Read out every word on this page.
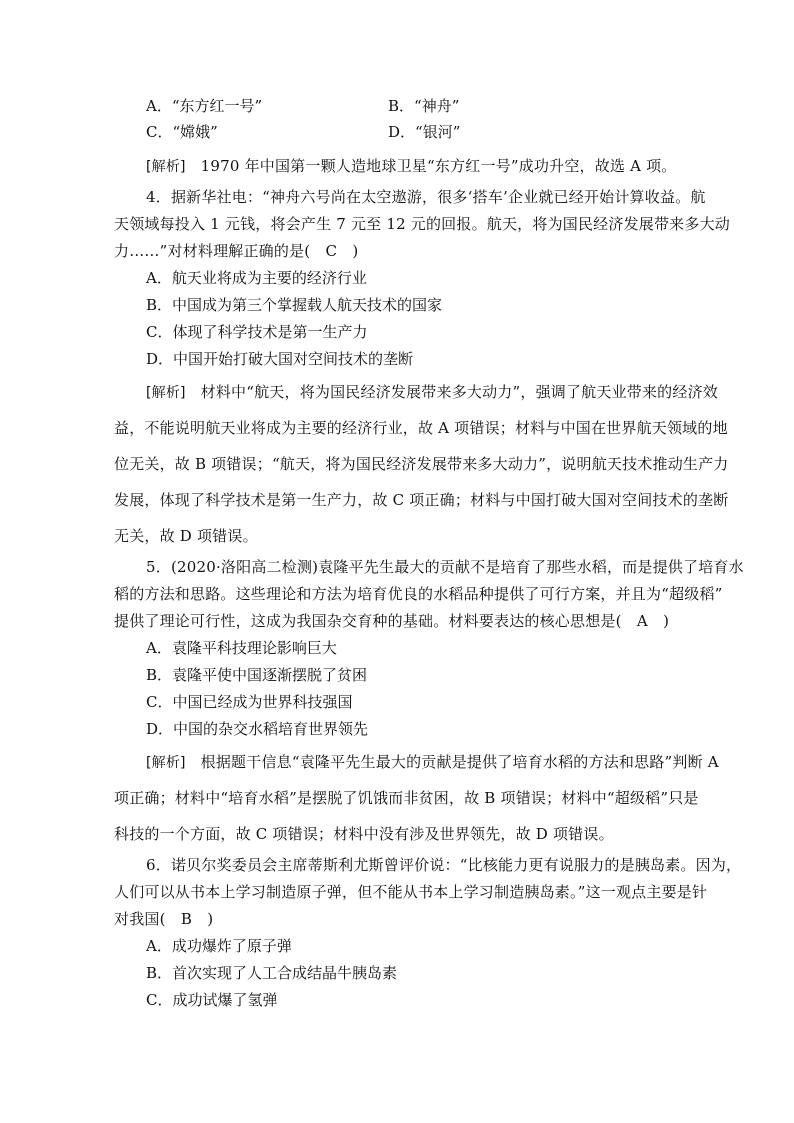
A．“东方红一号”	B．“神舟”
C．“嫦娥”	D．“银河”
[解析] 1970 年中国第一颗人造地球卫星“东方红一号”成功升空，故选 A 项。
4．据新华社电：“神舟六号尚在太空遨游，很多‘搭车’企业就已经开始计算收益。航
天领域每投入 1 元钱，将会产生 7 元至 12 元的回报。航天，将为国民经济发展带来多大动
力……”对材料理解正确的是(　C　)
A．航天业将成为主要的经济行业
B．中国成为第三个掌握载人航天技术的国家
C．体现了科学技术是第一生产力
D．中国开始打破大国对空间技术的垄断
[解析] 材料中“航天，将为国民经济发展带来多大动力”，强调了航天业带来的经济效
益，不能说明航天业将成为主要的经济行业，故 A 项错误；材料与中国在世界航天领域的地
位无关，故 B 项错误；“航天，将为国民经济发展带来多大动力”，说明航天技术推动生产力
发展，体现了科学技术是第一生产力，故 C 项正确；材料与中国打破大国对空间技术的垄断
无关，故 D 项错误。
5．(2020·洛阳高二检测)袁隆平先生最大的贡献不是培育了那些水稻，而是提供了培育水
稻的方法和思路。这些理论和方法为培育优良的水稻品种提供了可行方案，并且为“超级稻”
提供了理论可行性，这成为我国杂交育种的基础。材料要表达的核心思想是(　A　)
A．袁隆平科技理论影响巨大
B．袁隆平使中国逐渐摆脱了贫困
C．中国已经成为世界科技强国
D．中国的杂交水稻培育世界领先
[解析] 根据题干信息“袁隆平先生最大的贡献是提供了培育水稻的方法和思路”判断 A
项正确；材料中“培育水稻”是摆脱了饥饿而非贫困，故 B 项错误；材料中“超级稻”只是
科技的一个方面，故 C 项错误；材料中没有涉及世界领先，故 D 项错误。
6．诺贝尔奖委员会主席蒂斯利尤斯曾评价说：“比核能力更有说服力的是胰岛素。因为，
人们可以从书本上学习制造原子弹，但不能从书本上学习制造胰岛素。”这一观点主要是针
对我国(　B　)
A．成功爆炸了原子弹
B．首次实现了人工合成结晶牛胰岛素
C．成功试爆了氢弹
